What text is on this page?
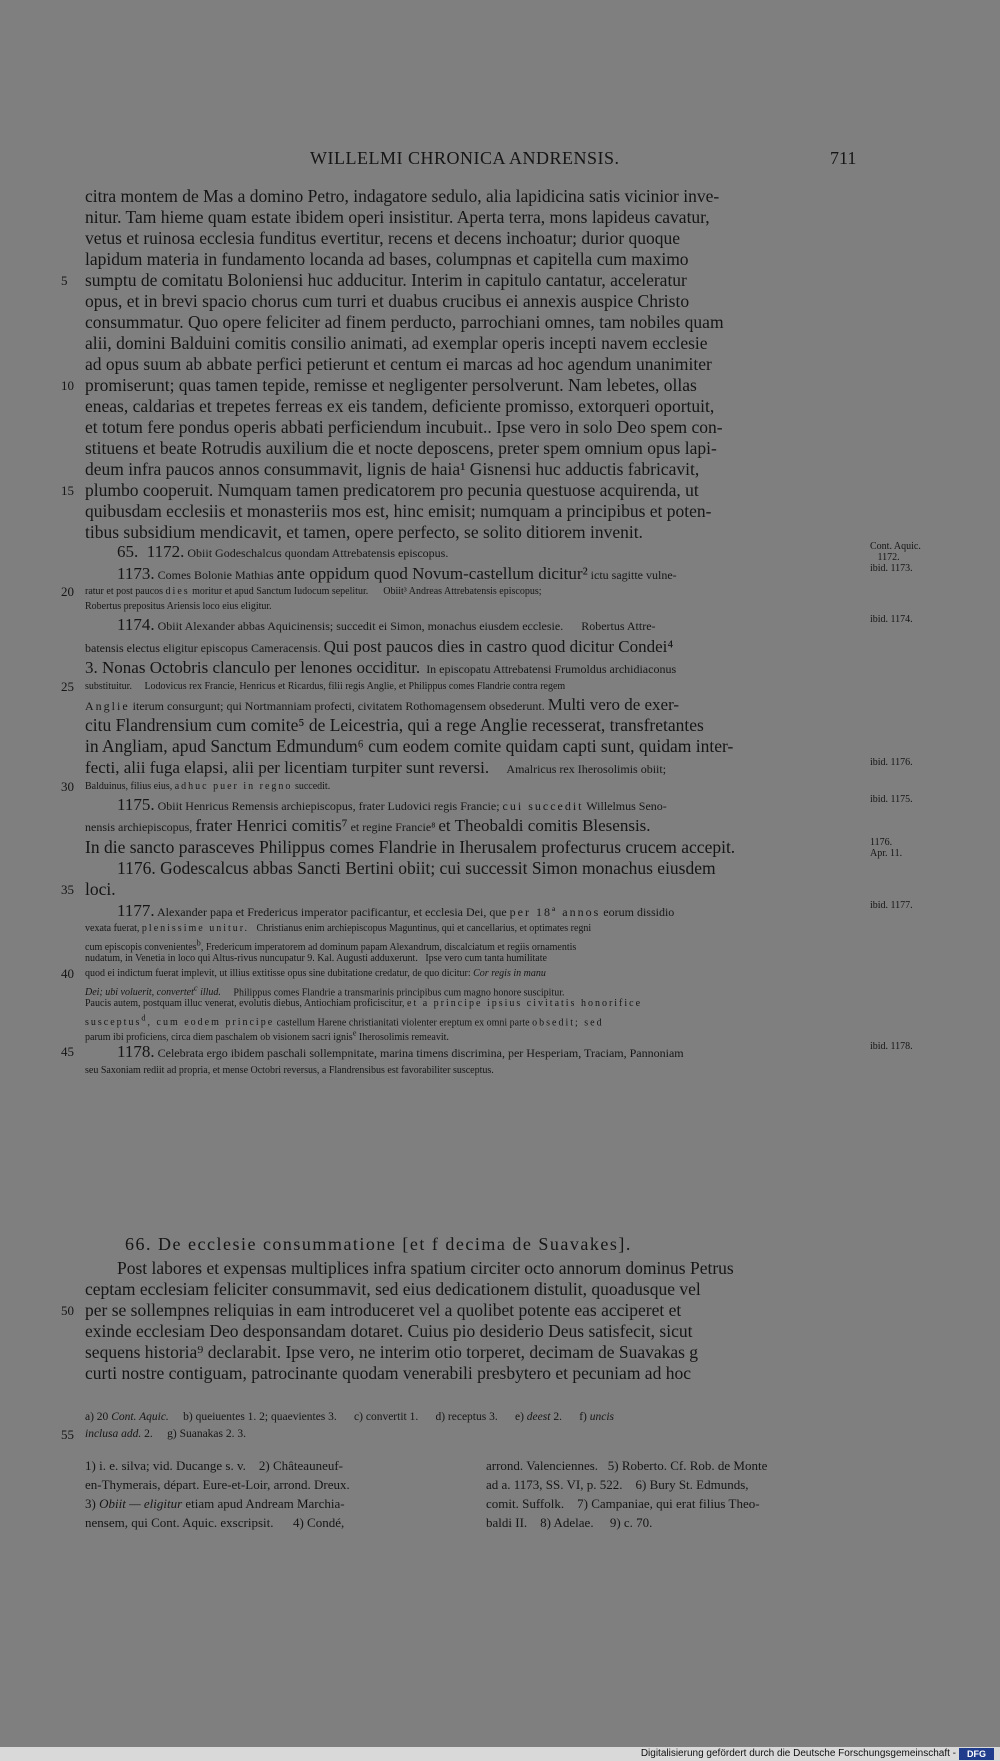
WILLELMI CHRONICA ANDRENSIS.	711
citra montem de Mas a domino Petro, indagatore sedulo, alia lapidicina satis vicinior inve-
nitur. Tam hieme quam estate ibidem operi insistitur. Aperta terra, mons lapideus cavatur,
vetus et ruinosa ecclesia funditus evertitur, recens et decens inchoatur; durior quoque
lapidum materia in fundamento locanda ad bases, columpnas et capitella cum maximo
5 sumptu de comitatu Boloniensi huc adducitur. Interim in capitulo cantatur, acceleratur
opus, et in brevi spacio chorus cum turri et duabus crucibus ei annexis auspice Christo
consummatur. Quo opere feliciter ad finem perducto, parrochiani omnes, tam nobiles quam
alii, domini Balduini comitis consilio animati, ad exemplar operis incepti navem ecclesie
ad opus suum ab abbate perfici petierunt et centum ei marcas ad hoc agendum unanimiter
10 promiserunt; quas tamen tepide, remisse et negligenter persolverunt. Nam lebetes, ollas
eneas, caldarias et trepetes ferreas ex eis tandem, deficiente promisso, extorqueri oportuit,
et totum fere pondus operis abbati perficiendum incubuit.. Ipse vero in solo Deo spem con-
stituens et beate Rotrudis auxilium die et nocte deposcens, preter spem omnium opus lapi-
deum infra paucos annos consummavit, lignis de haia¹ Gisnensi huc adductis fabricavit,
15 plumbo cooperuit. Numquam tamen predicatorem pro pecunia questuose acquirenda, ut
quibusdam ecclesiis et monasteriis mos est, hinc emisit; numquam a principibus et poten-
tibus subsidium mendicavit, et tamen, opere perfecto, se solito ditiorem invenit.
65.  1172. Obiit Godeschalcus quondam Attrebatensis episcopus.	Cont. Aquic.
1172.
1173. Comes Bolonie Mathias ante oppidum quod Novum-castellum dicitur² ictu sagitte vulne-	ibid. 1173.
20 ratur et post paucos dies moritur et apud Sanctum Iudocum sepelitur.      Obiit³ Andreas Attrebatensis episcopus;
Robertus prepositus Ariensis loco eius eligitur.
1174. Obiit Alexander abbas Aquicinensis; succedit ei Simon, monachus eiusdem ecclesie.      Robertus Attre-	ibid. 1174.
batensis electus eligitur episcopus Cameracensis. Qui post paucos dies in castro quod dicitur Condei⁴
3. Nonas Octobris clanculo per lenones occiditur.  In episcopatu Attrebatensi Frumoldus archidiaconus
25 substituitur.     Lodovicus rex Francie, Henricus et Ricardus, filii regis Anglie, et Philippus comes Flandrie contra regem
Anglie iterum consurgunt; qui Nortmanniam profecti, civitatem Rothomagensem obsederunt. Multi vero de exer-
citu Flandrensium cum comite⁵ de Leicestria, qui a rege Anglie recesserat, transfretantes
in Angliam, apud Sanctum Edmundum⁶ cum eodem comite quidam capti sunt, quidam inter-
fecti, alii fuga elapsi, alii per licentiam turpiter sunt reversi.      Amalricus rex Iherosolimis obiit;	ibid. 1176.
30 Balduinus, filius eius, adhuc puer in regno succedit.
1175. Obiit Henricus Remensis archiepiscopus, frater Ludovici regis Francie; cui succedit Willelmus Seno-	ibid. 1175.
nensis archiepiscopus, frater Henrici comitis⁷ et regine Francie⁸ et Theobaldi comitis Blesensis.
In die sancto parasceves Philippus comes Flandrie in Iherusalem profecturus crucem accepit.	1176.
Apr. 11.
1176. Godescalcus abbas Sancti Bertini obiit; cui successit Simon monachus eiusdem
35 loci.
1177. Alexander papa et Fredericus imperator pacificantur, et ecclesia Dei, que per 18ª annos eorum dissidio	ibid. 1177.
vexata fuerat, plenissime unitur.   Christianus enim archiepiscopus Maguntinus, qui et cancellarius, et optimates regni
cum episcopis convenientes$^b$, Fredericum imperatorem ad dominum papam Alexandrum, discalciatum et regiis ornamentis
nudatum, in Venetia in loco qui Altus-rivus nuncupatur 9. Kal. Augusti adduxerunt.   Ipse vero cum tanta humilitate
40 quod ei indictum fuerat implevit, ut illius extitisse opus sine dubitatione credatur, de quo dicitur: Cor regis in manu
Dei; ubi voluerit, convertet$^c$ illud.     Philippus comes Flandrie a transmarinis principibus cum magno honore suscipitur.
Paucis autem, postquam illuc venerat, evolutis diebus, Antiochiam proficiscitur, et a principe ipsius civitatis honorifice
susceptus$^d$, cum eodem principe castellum Harene christianitati violenter ereptum ex omni parte obsedit; sed
parum ibi proficiens, circa diem paschalem ob visionem sacri ignis$^e$ Iherosolimis remeavit.
45	1178. Celebrata ergo ibidem paschali sollempnitate, marina timens discrimina, per Hesperiam, Traciam, Pannoniam	ibid. 1178.
seu Saxoniam rediit ad propria, et mense Octobri reversus, a Flandrensibus est favorabiliter susceptus.
66. De ecclesie consummatione [et f decima de Suavakes].
Post labores et expensas multiplices infra spatium circiter octo annorum dominus Petrus
ceptam ecclesiam feliciter consummavit, sed eius dedicationem distulit, quoadusque vel
50 per se sollempnes reliquias in eam introduceret vel a quolibet potente eas acciperet et
exinde ecclesiam Deo desponsandam dotaret. Cuius pio desiderio Deus satisfecit, sicut
sequens historia⁹ declarabit. Ipse vero, ne interim otio torperet, decimam de Suavakas g
curti nostre contiguam, patrocinante quodam venerabili presbytero et pecuniam ad hoc
a) 20 Cont. Aquic.     b) queiuentes 1. 2; quaevientes 3.      c) convertit 1.      d) receptus 3.      e) deest 2.      f) uncis
55 inclusa add. 2.     g) Suanakas 2. 3.
1) i. e. silva; vid. Ducange s. v.    2) Châteauneuf-
en-Thymerais, départ. Eure-et-Loir, arrond. Dreux.
3) Obiit — eligitur etiam apud Andream Marchia-
nensem, qui Cont. Aquic. exscripsit.      4) Condé,
arrond. Valenciennes.   5) Roberto. Cf. Rob. de Monte
ad a. 1173, SS. VI, p. 522.    6) Bury St. Edmunds,
comit. Suffolk.    7) Campaniae, qui erat filius Theo-
baldi II.    8) Adelae.     9) c. 70.
Digitalisierung gefördert durch die Deutsche Forschungsgemeinschaft -	DFG
